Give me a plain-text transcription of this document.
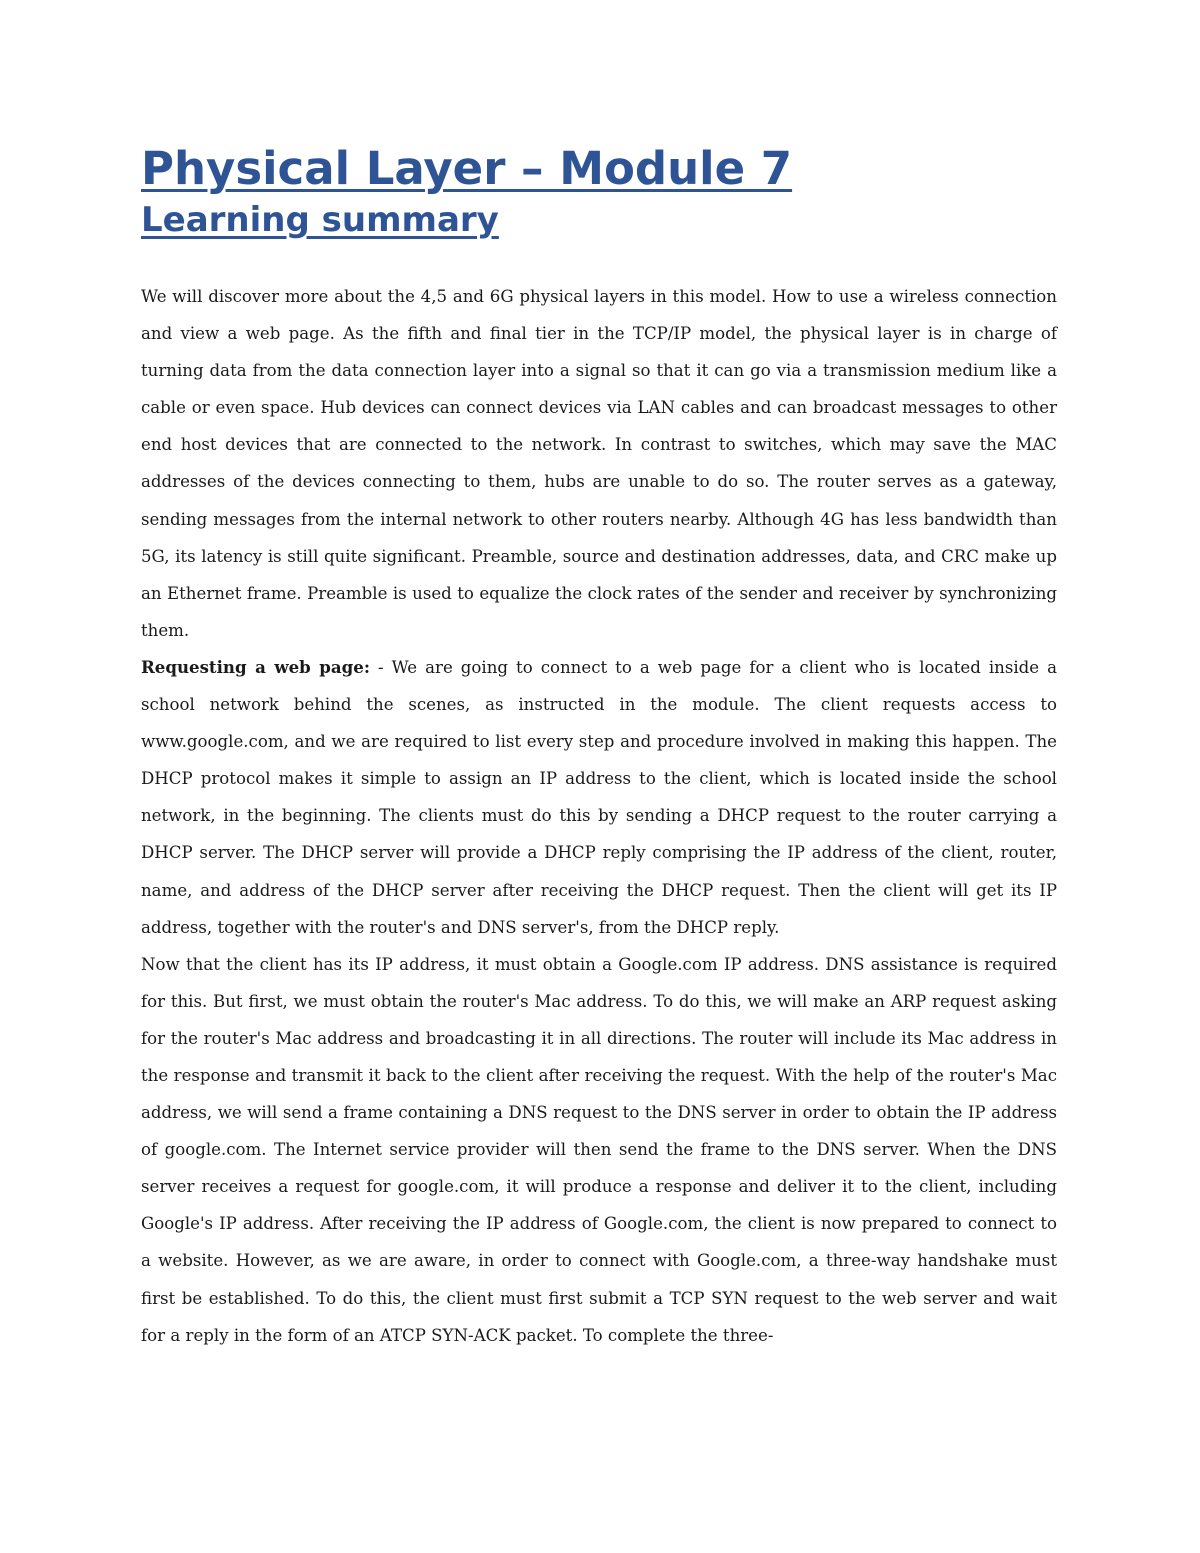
Physical Layer – Module 7
Learning summary

We will discover more about the 4,5 and 6G physical layers in this model. How to use a wireless connection and view a web page. As the fifth and final tier in the TCP/IP model, the physical layer is in charge of turning data from the data connection layer into a signal so that it can go via a transmission medium like a cable or even space. Hub devices can connect devices via LAN cables and can broadcast messages to other end host devices that are connected to the network. In contrast to switches, which may save the MAC addresses of the devices connecting to them, hubs are unable to do so. The router serves as a gateway, sending messages from the internal network to other routers nearby. Although 4G has less bandwidth than 5G, its latency is still quite significant. Preamble, source and destination addresses, data, and CRC make up an Ethernet frame. Preamble is used to equalize the clock rates of the sender and receiver by synchronizing them.

Requesting a web page: - We are going to connect to a web page for a client who is located inside a school network behind the scenes, as instructed in the module. The client requests access to www.google.com, and we are required to list every step and procedure involved in making this happen. The DHCP protocol makes it simple to assign an IP address to the client, which is located inside the school network, in the beginning. The clients must do this by sending a DHCP request to the router carrying a DHCP server. The DHCP server will provide a DHCP reply comprising the IP address of the client, router, name, and address of the DHCP server after receiving the DHCP request. Then the client will get its IP address, together with the router's and DNS server's, from the DHCP reply.

Now that the client has its IP address, it must obtain a Google.com IP address. DNS assistance is required for this. But first, we must obtain the router's Mac address. To do this, we will make an ARP request asking for the router's Mac address and broadcasting it in all directions. The router will include its Mac address in the response and transmit it back to the client after receiving the request. With the help of the router's Mac address, we will send a frame containing a DNS request to the DNS server in order to obtain the IP address of google.com. The Internet service provider will then send the frame to the DNS server. When the DNS server receives a request for google.com, it will produce a response and deliver it to the client, including Google's IP address. After receiving the IP address of Google.com, the client is now prepared to connect to a website. However, as we are aware, in order to connect with Google.com, a three-way handshake must first be established. To do this, the client must first submit a TCP SYN request to the web server and wait for a reply in the form of an ATCP SYN-ACK packet. To complete the three-
